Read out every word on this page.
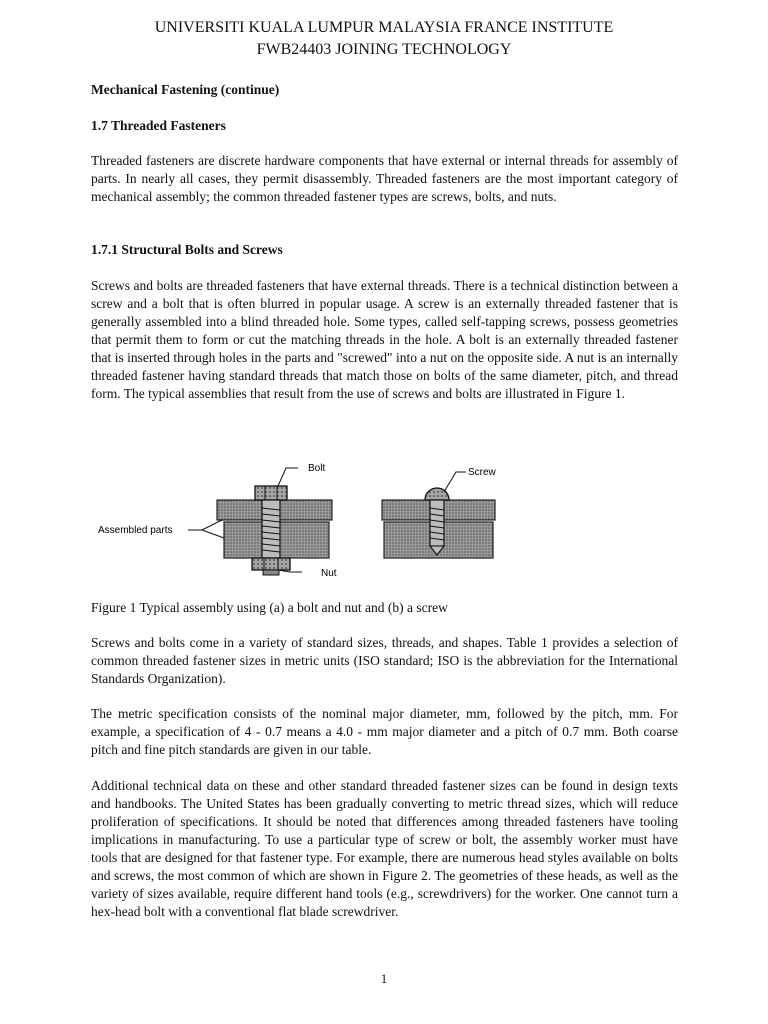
UNIVERSITI KUALA LUMPUR MALAYSIA FRANCE INSTITUTE
FWB24403 JOINING TECHNOLOGY

Mechanical Fastening (continue)

1.7 Threaded Fasteners

Threaded fasteners are discrete hardware components that have external or internal threads for assembly of parts. In nearly all cases, they permit disassembly. Threaded fasteners are the most important category of mechanical assembly; the common threaded fastener types are screws, bolts, and nuts.

1.7.1 Structural Bolts and Screws

Screws and bolts are threaded fasteners that have external threads. There is a technical distinction between a screw and a bolt that is often blurred in popular usage. A screw is an externally threaded fastener that is generally assembled into a blind threaded hole. Some types, called self-tapping screws, possess geometries that permit them to form or cut the matching threads in the hole. A bolt is an externally threaded fastener that is inserted through holes in the parts and "screwed" into a nut on the opposite side. A nut is an internally threaded fastener having standard threads that match those on bolts of the same diameter, pitch, and thread form. The typical assemblies that result from the use of screws and bolts are illustrated in Figure 1.

Bolt
Assembled parts
Nut
Screw

Figure 1 Typical assembly using (a) a bolt and nut and (b) a screw

Screws and bolts come in a variety of standard sizes, threads, and shapes. Table 1 provides a selection of common threaded fastener sizes in metric units (ISO standard; ISO is the abbreviation for the International Standards Organization).

The metric specification consists of the nominal major diameter, mm, followed by the pitch, mm. For example, a specification of 4 - 0.7 means a 4.0 - mm major diameter and a pitch of 0.7 mm. Both coarse pitch and fine pitch standards are given in our table.

Additional technical data on these and other standard threaded fastener sizes can be found in design texts and handbooks. The United States has been gradually converting to metric thread sizes, which will reduce proliferation of specifications. It should be noted that differences among threaded fasteners have tooling implications in manufacturing. To use a particular type of screw or bolt, the assembly worker must have tools that are designed for that fastener type. For example, there are numerous head styles available on bolts and screws, the most common of which are shown in Figure 2. The geometries of these heads, as well as the variety of sizes available, require different hand tools (e.g., screwdrivers) for the worker. One cannot turn a hex-head bolt with a conventional flat blade screwdriver.

1
